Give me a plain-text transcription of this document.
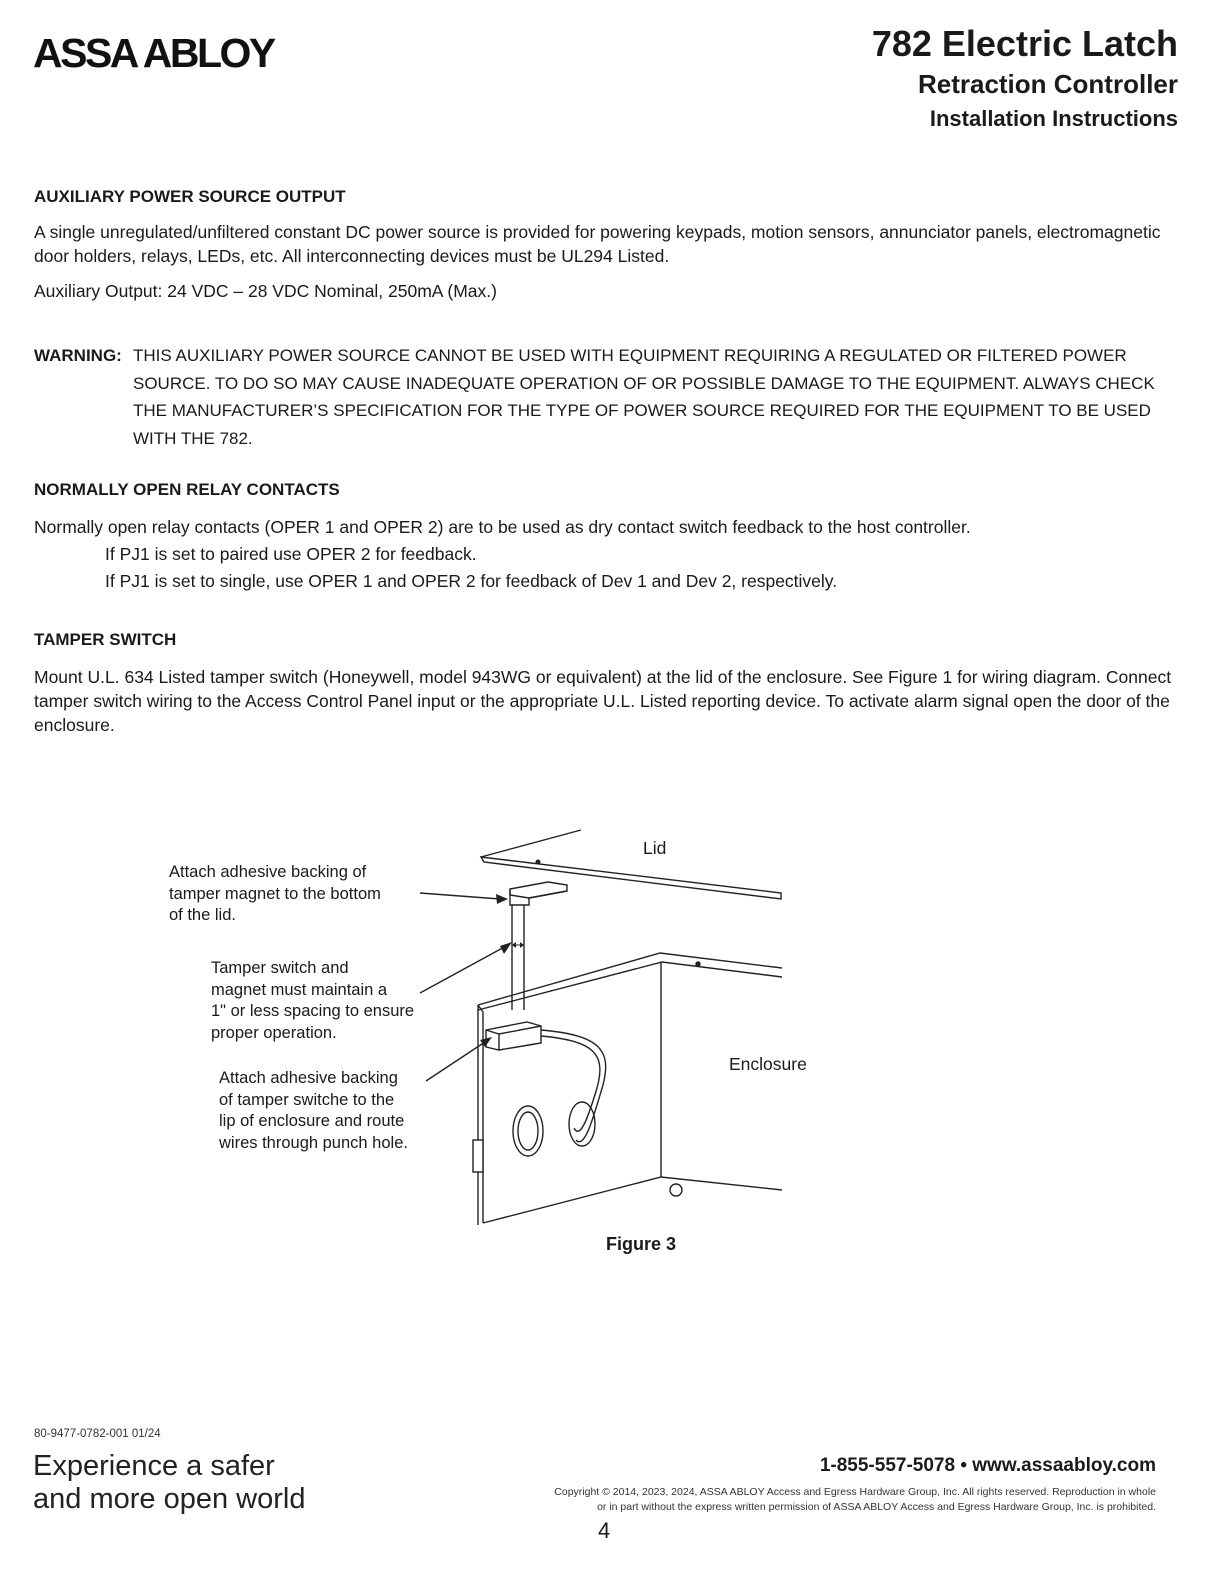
ASSA ABLOY	782 Electric Latch
Retraction Controller
Installation Instructions
AUXILIARY POWER SOURCE OUTPUT
A single unregulated/unfiltered constant DC power source is provided for powering keypads, motion sensors, annunciator panels, electromagnetic door holders, relays, LEDs, etc. All interconnecting devices must be UL294 Listed.
Auxiliary Output: 24 VDC – 28 VDC Nominal, 250mA (Max.)
WARNING: THIS AUXILIARY POWER SOURCE CANNOT BE USED WITH EQUIPMENT REQUIRING A REGULATED OR FILTERED POWER SOURCE. TO DO SO MAY CAUSE INADEQUATE OPERATION OF OR POSSIBLE DAMAGE TO THE EQUIPMENT. ALWAYS CHECK THE MANUFACTURER’S SPECIFICATION FOR THE TYPE OF POWER SOURCE REQUIRED FOR THE EQUIPMENT TO BE USED WITH THE 782.
NORMALLY OPEN RELAY CONTACTS
Normally open relay contacts (OPER 1 and OPER 2) are to be used as dry contact switch feedback to the host controller.
If PJ1 is set to paired use OPER 2 for feedback.
If PJ1 is set to single, use OPER 1 and OPER 2 for feedback of Dev 1 and Dev 2, respectively.
TAMPER SWITCH
Mount U.L. 634 Listed tamper switch (Honeywell, model 943WG or equivalent) at the lid of the enclosure. See Figure 1 for wiring diagram. Connect tamper switch wiring to the Access Control Panel input or the appropriate U.L. Listed reporting device. To activate alarm signal open the door of the enclosure.
Attach adhesive backing of
tamper magnet to the bottom
of the lid.
Tamper switch and
magnet must maintain a
1" or less spacing to ensure
proper operation.
Attach adhesive backing
of tamper switche to the
lip of enclosure and route
wires through punch hole.
Lid
Enclosure
Figure 3
80-9477-0782-001 01/24
Experience a safer
and more open world
1-855-557-5078 • www.assaabloy.com
Copyright © 2014, 2023, 2024, ASSA ABLOY Access and Egress Hardware Group, Inc. All rights reserved. Reproduction in whole
or in part without the express written permission of ASSA ABLOY Access and Egress Hardware Group, Inc. is prohibited.
4
